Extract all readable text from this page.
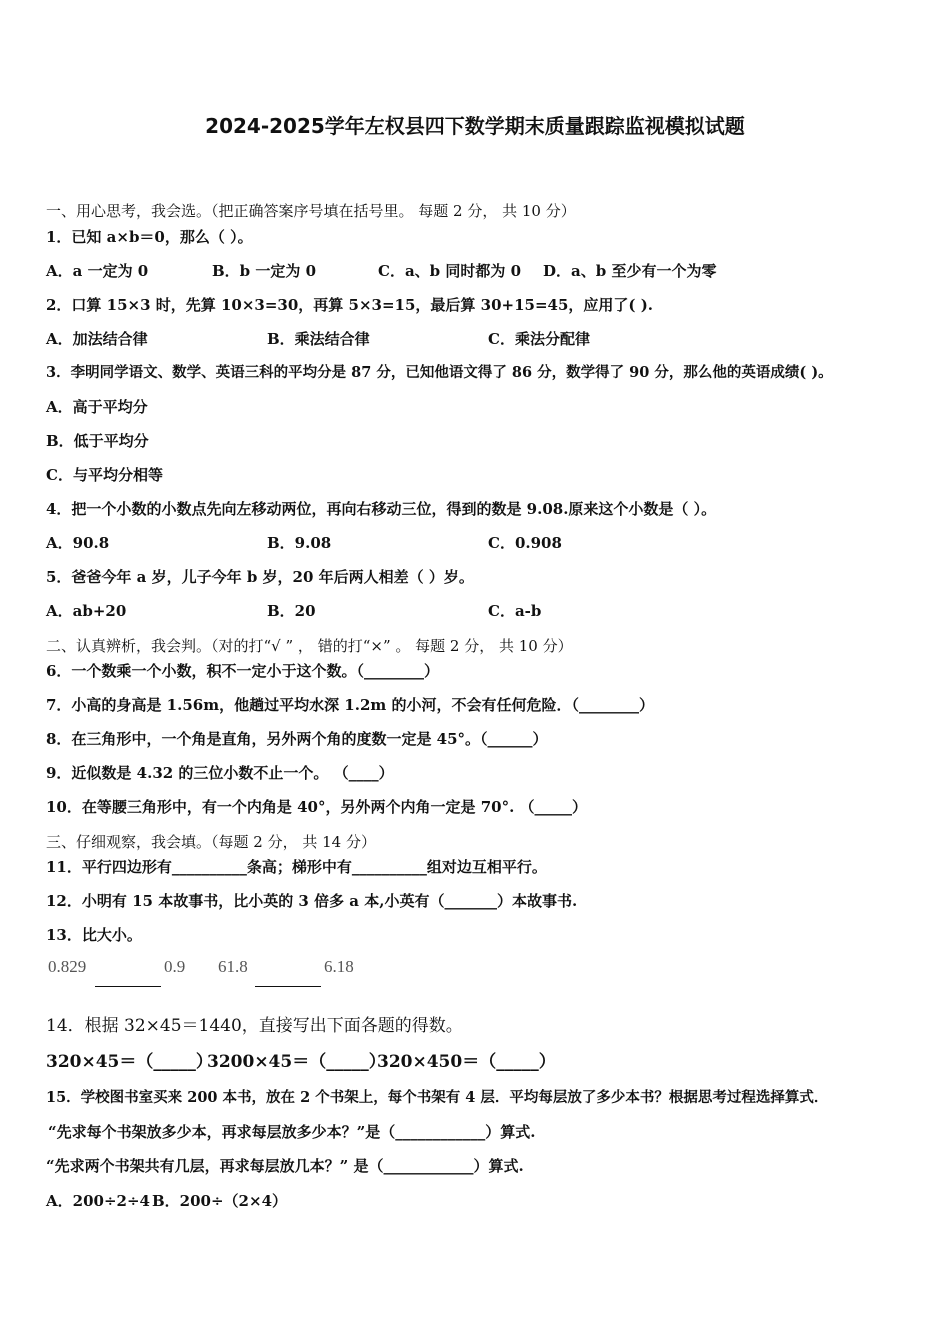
2024-2025学年左权县四下数学期末质量跟踪监视模拟试题
一、用心思考，我会选。（把正确答案序号填在括号里。 每题 2 分， 共 10 分）
1．已知 a×b＝0，那么（ ）。
A．a 一定为 0	B．b 一定为 0	C．a、b 同时都为 0 D．a、b 至少有一个为零
2．口算 15×3 时，先算 10×3=30，再算 5×3=15，最后算 30+15=45，应用了( ).
A．加法结合律	B．乘法结合律	C．乘法分配律
3．李明同学语文、数学、英语三科的平均分是 87 分，已知他语文得了 86 分，数学得了 90 分，那么他的英语成绩( )。
A．高于平均分
B．低于平均分
C．与平均分相等
4．把一个小数的小数点先向左移动两位，再向右移动三位，得到的数是 9.08.原来这个小数是（ ）。
A．90.8	B．9.08	C．0.908
5．爸爸今年 a 岁，儿子今年 b 岁，20 年后两人相差（ ）岁。
A．ab+20	B．20	C．a-b
二、认真辨析，我会判。（对的打“√ ” ， 错的打“×” 。 每题 2 分， 共 10 分）
6．一个数乘一个小数，积不一定小于这个数。（________）
7．小高的身高是 1.56m，他趟过平均水深 1.2m 的小河，不会有任何危险．（________）
8．在三角形中，一个角是直角，另外两个角的度数一定是 45°。（______）
9．近似数是 4.32 的三位小数不止一个。 （____）
10．在等腰三角形中，有一个内角是 40°，另外两个内角一定是 70°. （_____）
三、仔细观察，我会填。（每题 2 分， 共 14 分）
11．平行四边形有__________条高；梯形中有__________组对边互相平行。
12．小明有 15 本故事书，比小英的 3 倍多 a 本,小英有（_______）本故事书.
13．比大小。
0.829	0.9 61.8	6.18
14．根据 32×45＝1440，直接写出下面各题的得数。
320×45＝（_____）
3200×45＝（_____）
320×450＝（_____）
15．学校图书室买来 200 本书，放在 2 个书架上，每个书架有 4 层．平均每层放了多少本书？根据思考过程选择算式．
“先求每个书架放多少本，再求每层放多少本？”是（____________）算式.
“先求两个书架共有几层，再求每层放几本？” 是（____________）算式.
A．200÷2÷4 B．200÷（2×4）
